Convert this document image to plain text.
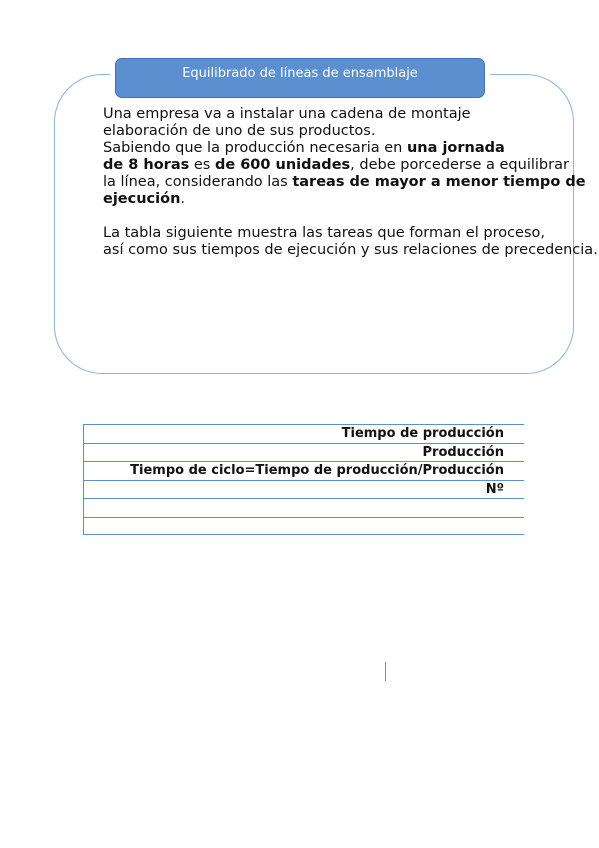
Equilibrado de líneas de ensamblaje

Una empresa va a instalar una cadena de montaje

elaboración de uno de sus productos.

Sabiendo que la producción necesaria en una jornada

de 8 horas es de 600 unidades, debe porcederse a equilibrar

la línea, considerando las tareas de mayor a menor tiempo de

ejecución.

La tabla siguiente muestra las tareas que forman el proceso,

así como sus tiempos de ejecución y sus relaciones de precedencia.

Tiempo de producción
Producción
Tiempo de ciclo=Tiempo de producción/Producción
Nº
